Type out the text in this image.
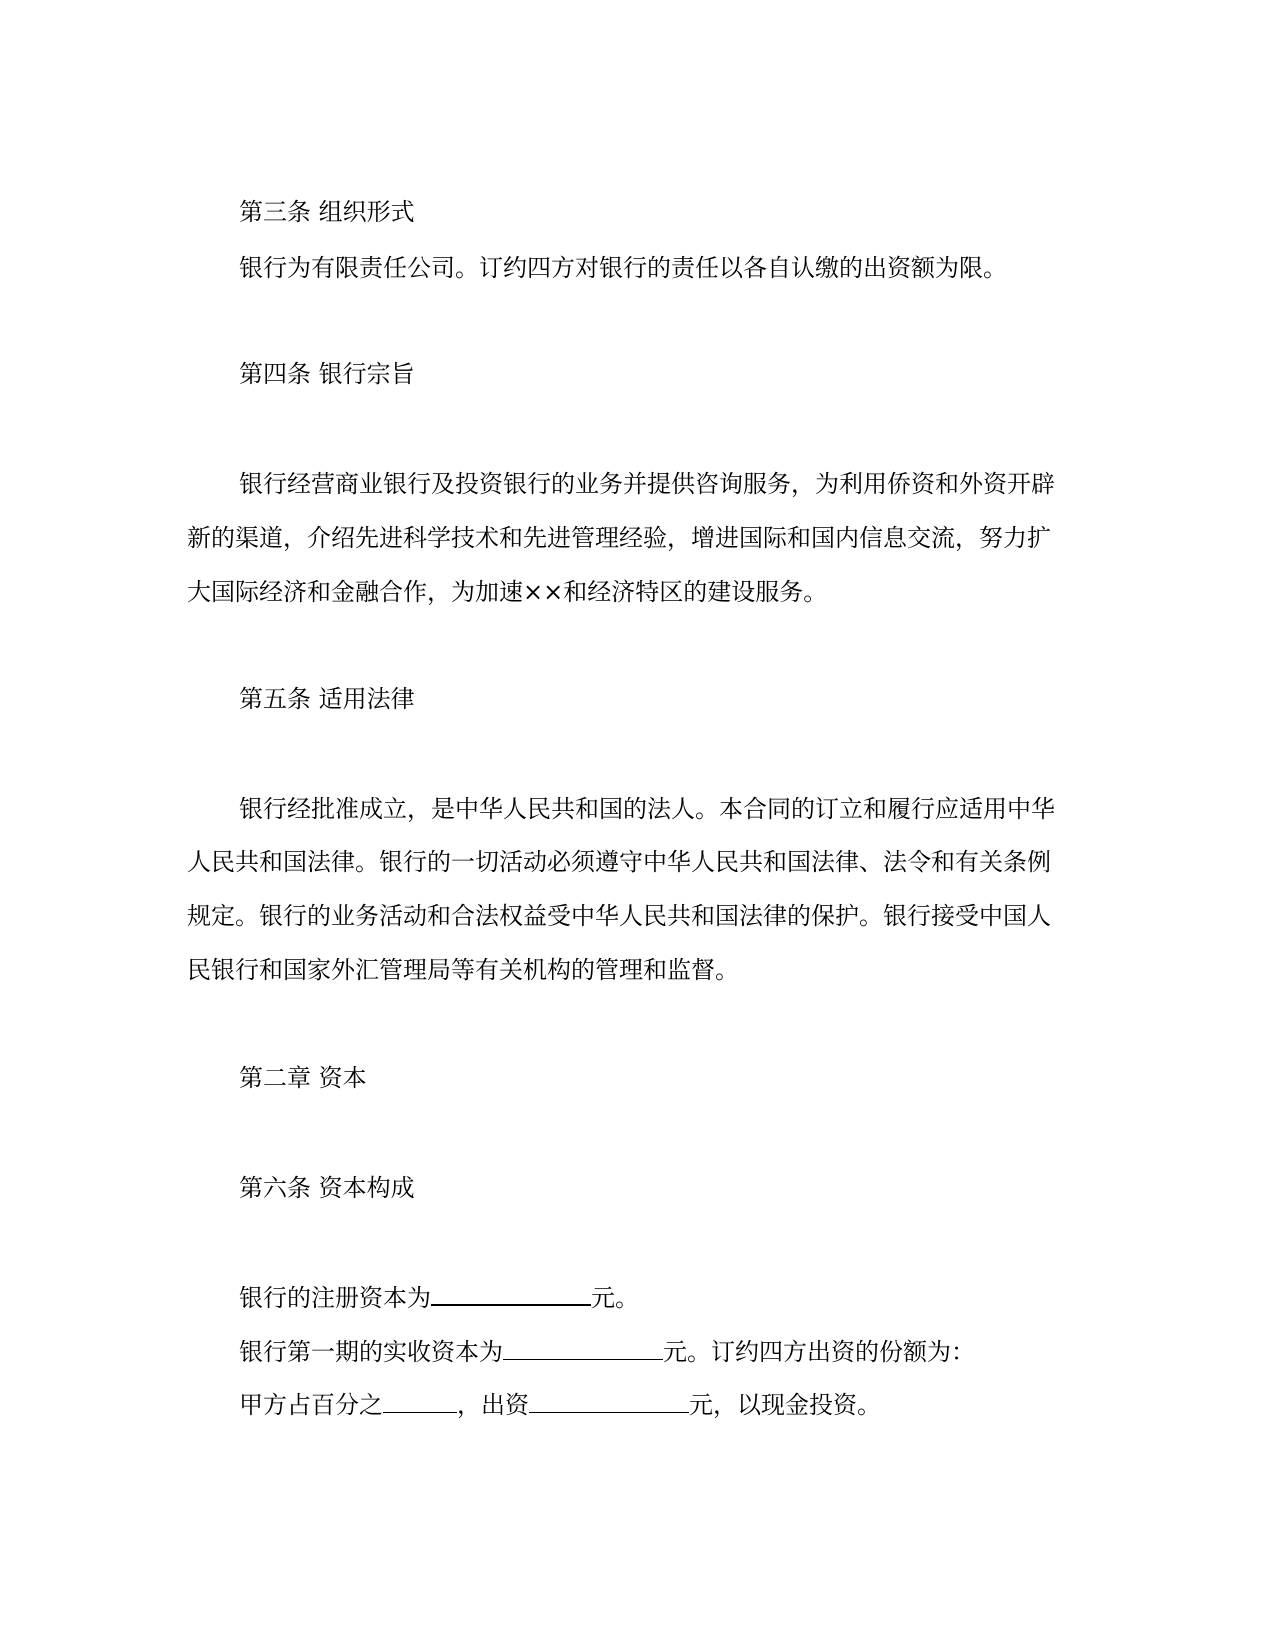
第三条 组织形式

银行为有限责任公司。订约四方对银行的责任以各自认缴的出资额为限。

第四条 银行宗旨

银行经营商业银行及投资银行的业务并提供咨询服务，为利用侨资和外资开辟

新的渠道，介绍先进科学技术和先进管理经验，增进国际和国内信息交流，努力扩

大国际经济和金融合作，为加速××和经济特区的建设服务。

第五条 适用法律

银行经批准成立，是中华人民共和国的法人。本合同的订立和履行应适用中华

人民共和国法律。银行的一切活动必须遵守中华人民共和国法律、法令和有关条例

规定。银行的业务活动和合法权益受中华人民共和国法律的保护。银行接受中国人

民银行和国家外汇管理局等有关机构的管理和监督。

第二章 资本

第六条 资本构成

银行的注册资本为	元。

银行第一期的实收资本为	元。订约四方出资的份额为：

甲方占百分之	，出资	元，以现金投资。
